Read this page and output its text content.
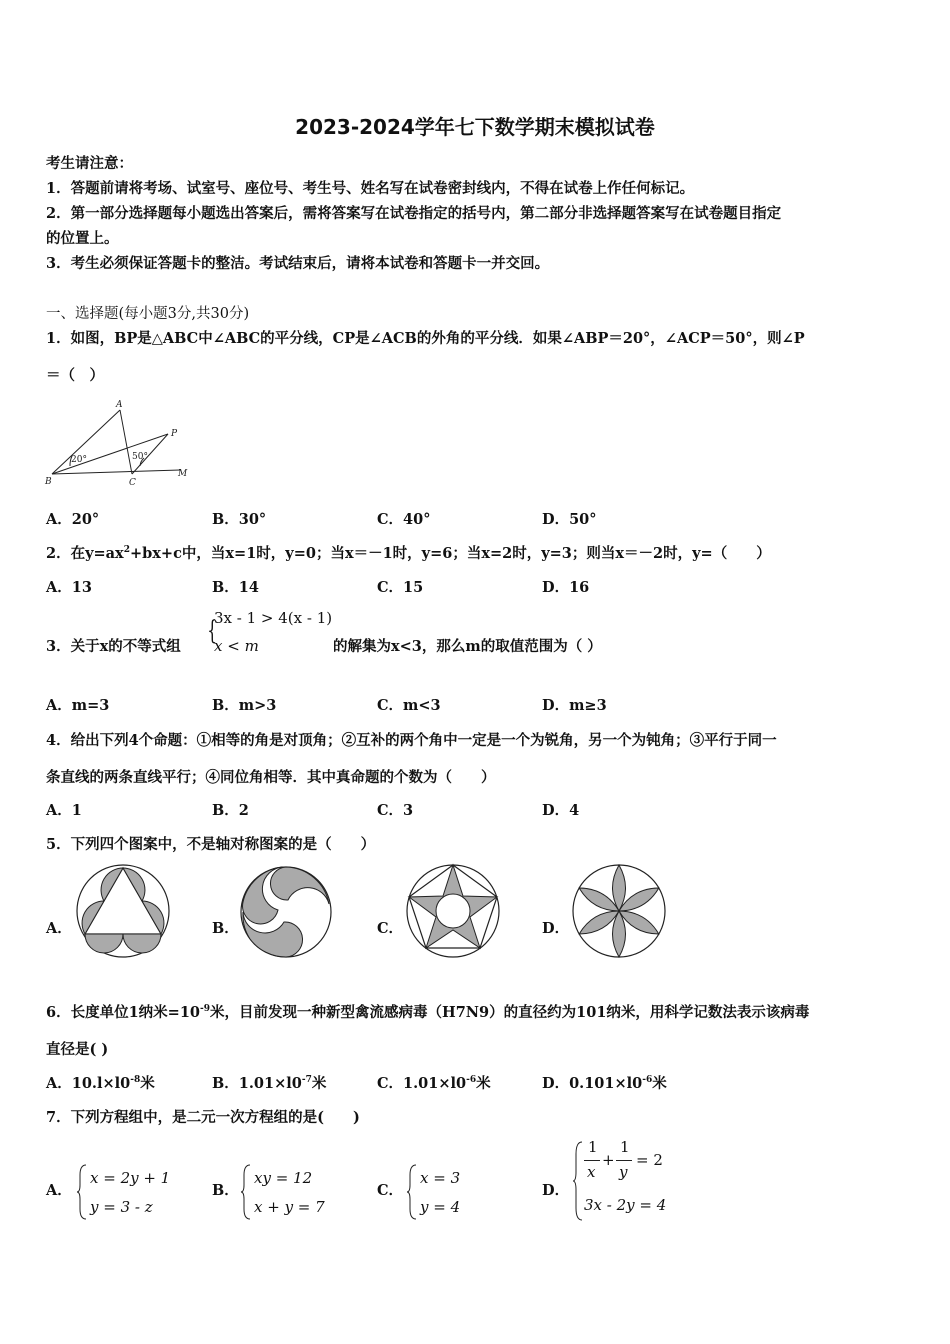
2023-2024学年七下数学期末模拟试卷
考生请注意：
1．答题前请将考场、试室号、座位号、考生号、姓名写在试卷密封线内，不得在试卷上作任何标记。
2．第一部分选择题每小题选出答案后，需将答案写在试卷指定的括号内，第二部分非选择题答案写在试卷题目指定
的位置上。
3．考生必须保证答题卡的整洁。考试结束后，请将本试卷和答题卡一并交回。
一、选择题(每小题3分,共30分)
1．如图，BP是△ABC中∠ABC的平分线，CP是∠ACB的外角的平分线．如果∠ABP＝20°，∠ACP＝50°，则∠P
＝（　）
A
B	C
P
M
20°	50°
A．20°	B．30°	C．40°	D．50°
2．在$y=ax^2+bx+c$中，当x=1时，y=0；当x＝－1时，y=6；当x=2时，y=3；则当x＝－2时，y=（　　）
A．13	B．14	C．15	D．16
3．关于x的不等式组
{
3x - 1 > 4(x - 1)
x < m	的解集为x<3，那么m的取值范围为（ ）
A．m=3	B．m>3	C．m<3	D．m≥3
4．给出下列4个命题：①相等的角是对顶角；②互补的两个角中一定是一个为锐角，另一个为钝角；③平行于同一
条直线的两条直线平行；④同位角相等．其中真命题的个数为（　　）
A．1	B．2	C．3	D．4
5．下列四个图案中，不是轴对称图案的是（　　）
A．	B．	C．	D．
6．长度单位1纳米$=10^{-9}$米，目前发现一种新型禽流感病毒（H7N9）的直径约为101纳米，用科学记数法表示该病毒
直径是( )
A．$10.l\times l0^{-8}$米	B．$1.01\times l0^{-7}$米	C．$1.01\times l0^{-6}$米	D．$0.101\times l0^{-6}$米
7．下列方程组中，是二元一次方程组的是(　　)
A．
x = 2y + 1
y = 3 - z
B．
xy = 12
x + y = 7
C．
x = 3
y = 4
D．
1
x
+
1
y
= 2
3x - 2y = 4
